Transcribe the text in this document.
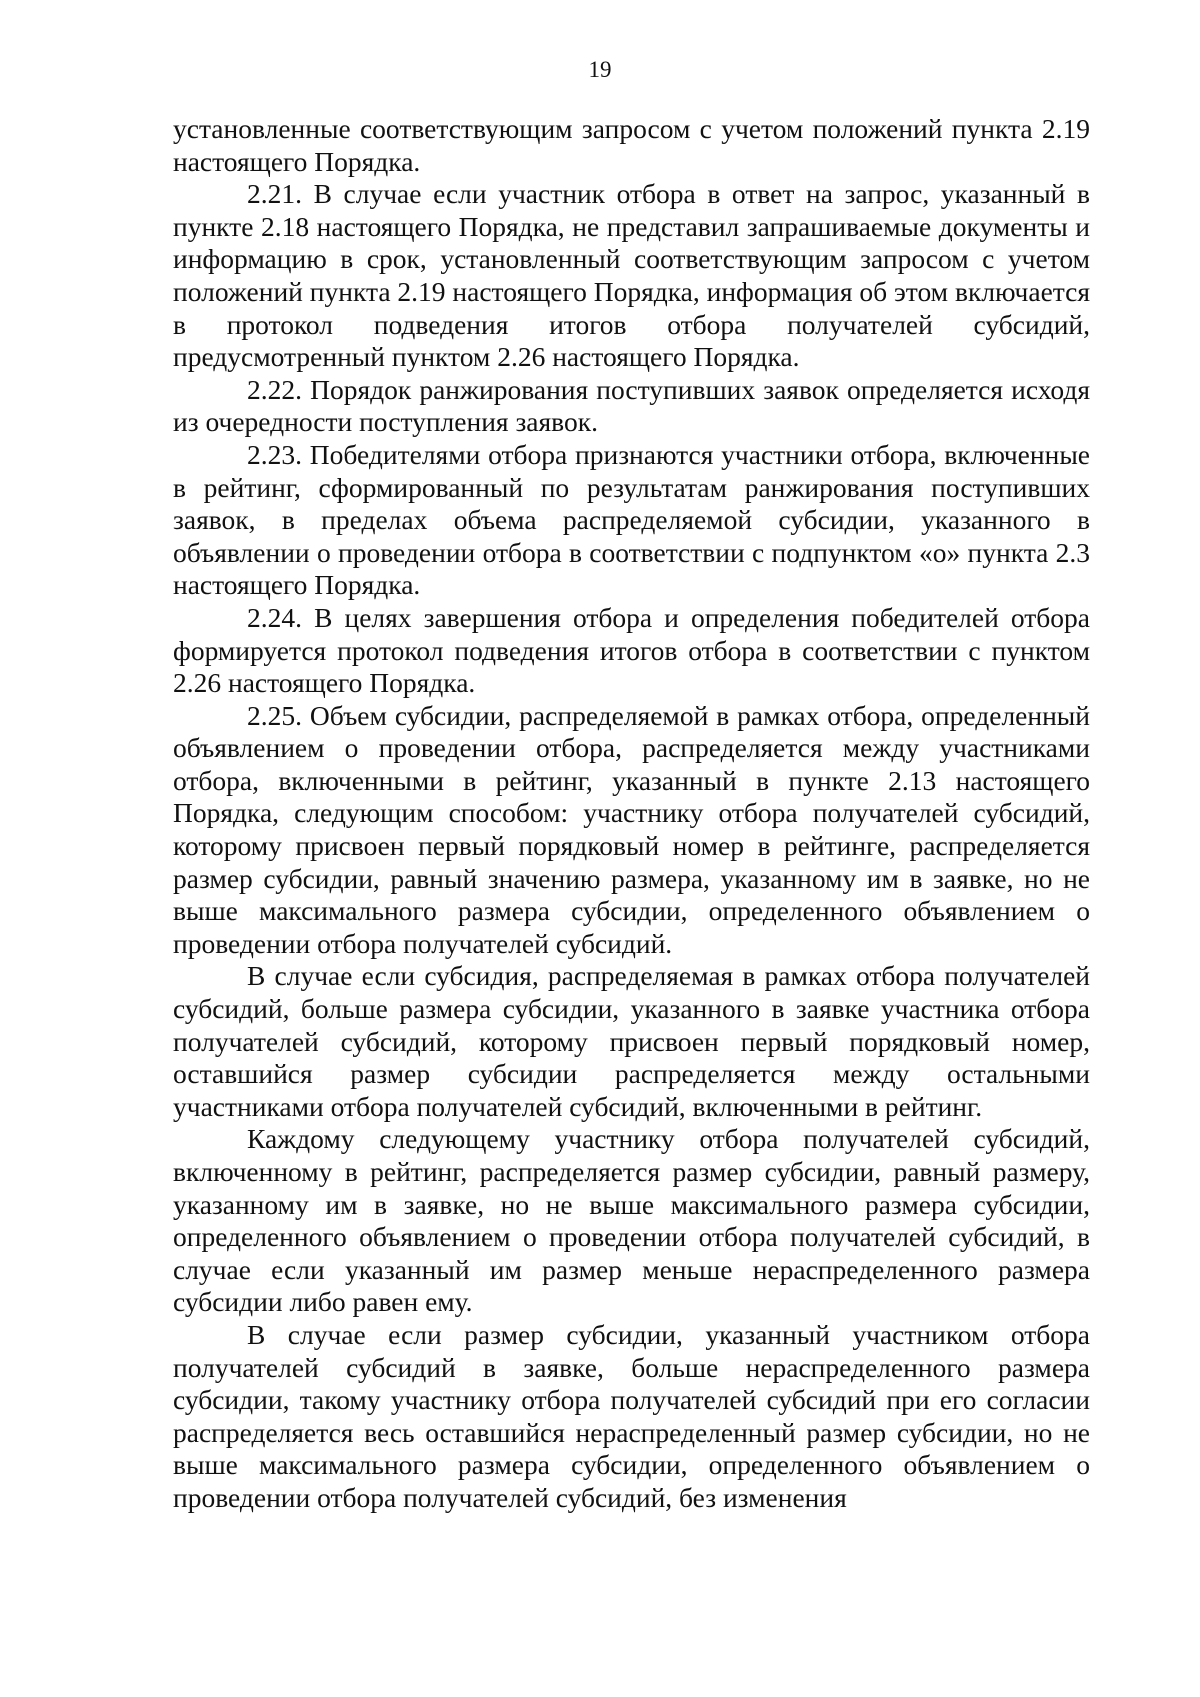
19

установленные соответствующим запросом с учетом положений пункта 2.19 настоящего Порядка.

2.21. В случае если участник отбора в ответ на запрос, указанный в пункте 2.18 настоящего Порядка, не представил запрашиваемые документы и информацию в срок, установленный соответствующим запросом с учетом положений пункта 2.19 настоящего Порядка, информация об этом включается в протокол подведения итогов отбора получателей субсидий, предусмотренный пунктом 2.26 настоящего Порядка.

2.22. Порядок ранжирования поступивших заявок определяется исходя из очередности поступления заявок.

2.23. Победителями отбора признаются участники отбора, включенные в рейтинг, сформированный по результатам ранжирования поступивших заявок, в пределах объема распределяемой субсидии, указанного в объявлении о проведении отбора в соответствии с подпунктом «о» пункта 2.3 настоящего Порядка.

2.24. В целях завершения отбора и определения победителей отбора формируется протокол подведения итогов отбора в соответствии с пунктом 2.26 настоящего Порядка.

2.25. Объем субсидии, распределяемой в рамках отбора, определенный объявлением о проведении отбора, распределяется между участниками отбора, включенными в рейтинг, указанный в пункте 2.13 настоящего Порядка, следующим способом: участнику отбора получателей субсидий, которому присвоен первый порядковый номер в рейтинге, распределяется размер субсидии, равный значению размера, указанному им в заявке, но не выше максимального размера субсидии, определенного объявлением о проведении отбора получателей субсидий.

В случае если субсидия, распределяемая в рамках отбора получателей субсидий, больше размера субсидии, указанного в заявке участника отбора получателей субсидий, которому присвоен первый порядковый номер, оставшийся размер субсидии распределяется между остальными участниками отбора получателей субсидий, включенными в рейтинг.

Каждому следующему участнику отбора получателей субсидий, включенному в рейтинг, распределяется размер субсидии, равный размеру, указанному им в заявке, но не выше максимального размера субсидии, определенного объявлением о проведении отбора получателей субсидий, в случае если указанный им размер меньше нераспределенного размера субсидии либо равен ему.

В случае если размер субсидии, указанный участником отбора получателей субсидий в заявке, больше нераспределенного размера субсидии, такому участнику отбора получателей субсидий при его согласии распределяется весь оставшийся нераспределенный размер субсидии, но не выше максимального размера субсидии, определенного объявлением о проведении отбора получателей субсидий, без изменения
